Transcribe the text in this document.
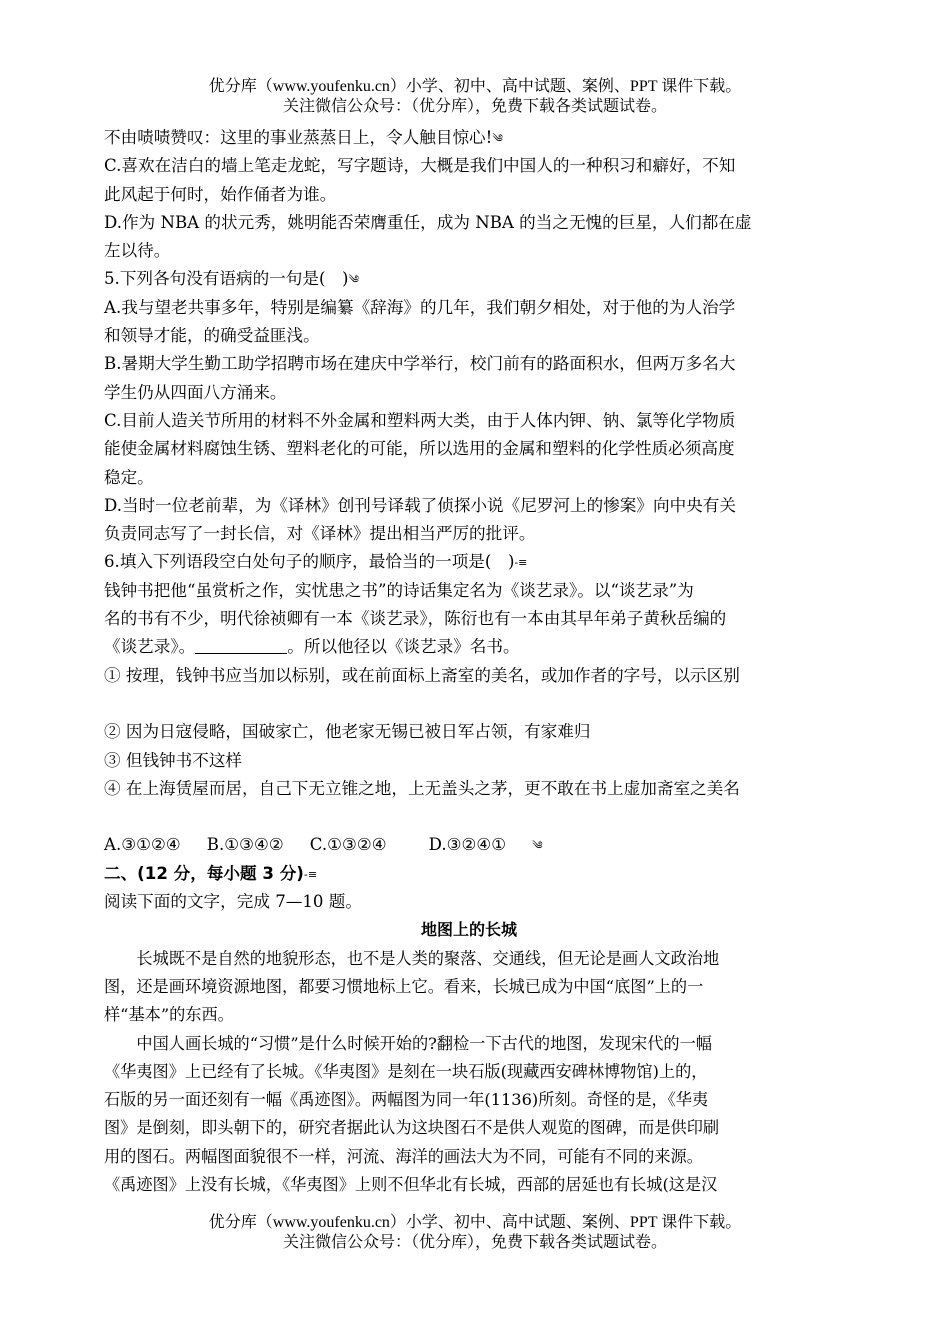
优分库（www.youfenku.cn）小学、初中、高中试题、案例、PPT 课件下载。
关注微信公众号：（优分库），免费下载各类试题试卷。
不由啧啧赞叹：这里的事业蒸蒸日上，令人触目惊心!༄
C.喜欢在洁白的墙上笔走龙蛇，写字题诗，大概是我们中国人的一种积习和癖好，不知
此风起于何时，始作俑者为谁。
D.作为 NBA 的状元秀，姚明能否荣膺重任，成为 NBA 的当之无愧的巨星，人们都在虚
左以待。
5.下列各句没有语病的一句是(　)༄
A.我与望老共事多年，特别是编纂《辞海》的几年，我们朝夕相处，对于他的为人治学
和领导才能，的确受益匪浅。
B.暑期大学生勤工助学招聘市场在建庆中学举行，校门前有的路面积水，但两万多名大
学生仍从四面八方涌来。
C.目前人造关节所用的材料不外金属和塑料两大类，由于人体内钾、钠、氯等化学物质
能使金属材料腐蚀生锈、塑料老化的可能，所以选用的金属和塑料的化学性质必须高度
稳定。
D.当时一位老前辈，为《译林》创刊号译载了侦探小说《尼罗河上的惨案》向中央有关
负责同志写了一封长信，对《译林》提出相当严厉的批评。
6.填入下列语段空白处句子的顺序，最恰当的一项是(　)-≡
钱钟书把他“虽赏析之作，实忧患之书”的诗话集定名为《谈艺录》。以“谈艺录”为
名的书有不少，明代徐祯卿有一本《谈艺录》，陈衍也有一本由其早年弟子黄秋岳编的
《谈艺录》。	。所以他径以《谈艺录》名书。
① 按理，钱钟书应当加以标别，或在前面标上斋室的美名，或加作者的字号，以示区别
② 因为日寇侵略，国破家亡，他老家无锡已被日军占领，有家难归
③ 但钱钟书不这样
④ 在上海赁屋而居，自己下无立锥之地，上无盖头之茅，更不敢在书上虚加斋室之美名
A.③①②④ B.①③④② C.①③②④	D.③②④① ༄
二、(12 分，每小题 3 分)-≡
阅读下面的文字，完成 7—10 题。
地图上的长城
长城既不是自然的地貌形态，也不是人类的聚落、交通线，但无论是画人文政治地
图，还是画环境资源地图，都要习惯地标上它。看来，长城已成为中国“底图”上的一
样“基本”的东西。
中国人画长城的“习惯”是什么时候开始的?翻检一下古代的地图，发现宋代的一幅
《华夷图》上已经有了长城。《华夷图》是刻在一块石版(现藏西安碑林博物馆)上的，
石版的另一面还刻有一幅《禹迹图》。两幅图为同一年(1136)所刻。奇怪的是，《华夷
图》是倒刻，即头朝下的，研究者据此认为这块图石不是供人观览的图碑，而是供印刷
用的图石。两幅图面貌很不一样，河流、海洋的画法大为不同，可能有不同的来源。
《禹迹图》上没有长城，《华夷图》上则不但华北有长城，西部的居延也有长城(这是汉
优分库（www.youfenku.cn）小学、初中、高中试题、案例、PPT 课件下载。
关注微信公众号：（优分库），免费下载各类试题试卷。
